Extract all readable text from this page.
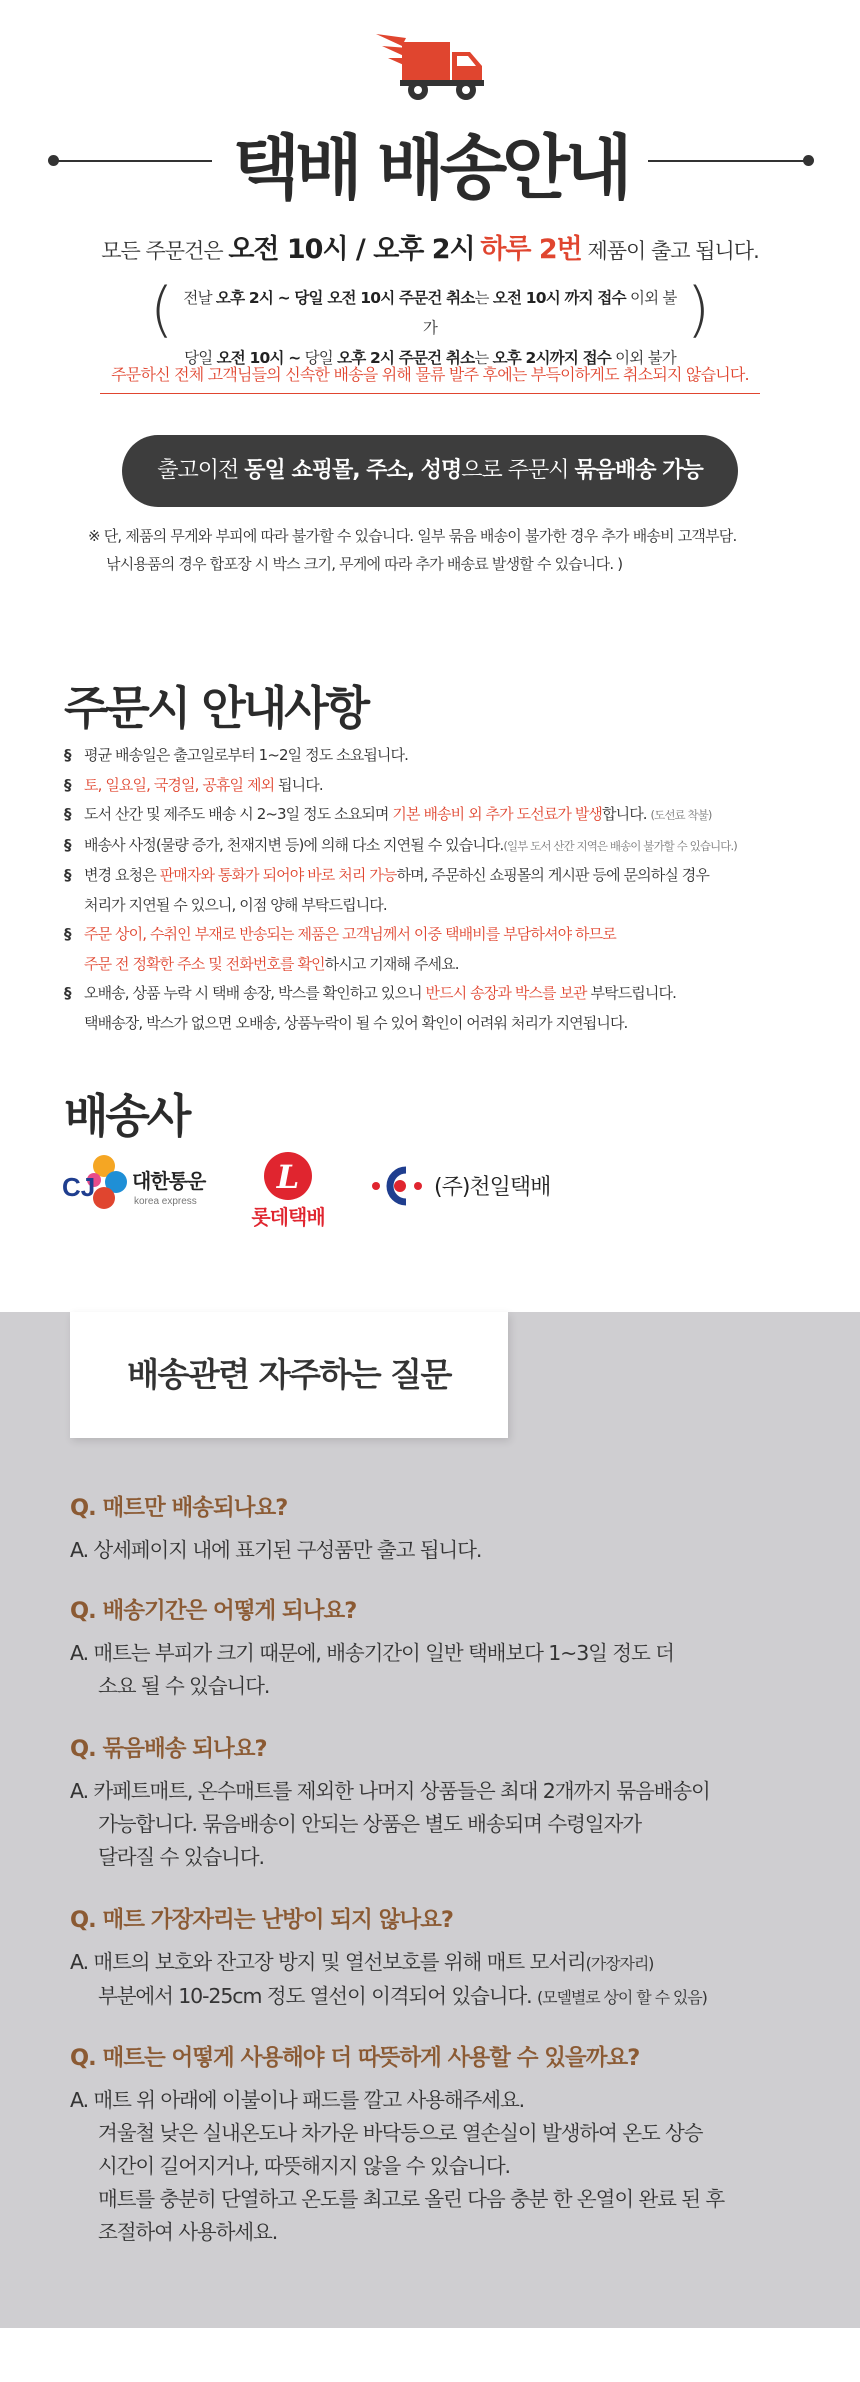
택배 배송안내
모든 주문건은 오전 10시 / 오후 2시 하루 2번 제품이 출고 됩니다.
(	)
전날 오후 2시 ~ 당일 오전 10시 주문건 취소는 오전 10시 까지 접수 이외 불가
당일 오전 10시 ~ 당일 오후 2시 주문건 취소는 오후 2시까지 접수 이외 불가
주문하신 전체 고객님들의 신속한 배송을 위해 물류 발주 후에는 부득이하게도 취소되지 않습니다.
출고이전 동일 쇼핑몰, 주소, 성명으로 주문시 묶음배송 가능
※ 단, 제품의 무게와 부피에 따라 불가할 수 있습니다. 일부 묶음 배송이 불가한 경우 추가 배송비 고객부담.
낚시용품의 경우 합포장 시 박스 크기, 무게에 따라 추가 배송료 발생할 수 있습니다. )
주문시 안내사항
§ 평균 배송일은 출고일로부터 1~2일 정도 소요됩니다.
§ 토, 일요일, 국경일, 공휴일 제외 됩니다.
§ 도서 산간 및 제주도 배송 시 2~3일 정도 소요되며 기본 배송비 외 추가 도선료가 발생합니다. (도선료 착불)
§ 배송사 사정(물량 증가, 천재지변 등)에 의해 다소 지연될 수 있습니다.(일부 도서 산간 지역은 배송이 불가할 수 있습니다.)
§ 변경 요청은 판매자와 통화가 되어야 바로 처리 가능하며, 주문하신 쇼핑몰의 게시판 등에 문의하실 경우
처리가 지연될 수 있으니, 이점 양해 부탁드립니다.
§ 주문 상이, 수취인 부재로 반송되는 제품은 고객님께서 이중 택배비를 부담하셔야 하므로
주문 전 정확한 주소 및 전화번호를 확인하시고 기재해 주세요.
§ 오배송, 상품 누락 시 택배 송장, 박스를 확인하고 있으니 반드시 송장과 박스를 보관 부탁드립니다.
택배송장, 박스가 없으면 오배송, 상품누락이 될 수 있어 확인이 어려워 처리가 지연됩니다.
배송사
CJ 대한통운
korea express
L
롯데택배
(주)천일택배
배송관련 자주하는 질문
Q. 매트만 배송되나요?
A. 상세페이지 내에 표기된 구성품만 출고 됩니다.
Q. 배송기간은 어떻게 되나요?
A. 매트는 부피가 크기 때문에, 배송기간이 일반 택배보다 1~3일 정도 더
소요 될 수 있습니다.
Q. 묶음배송 되나요?
A. 카페트매트, 온수매트를 제외한 나머지 상품들은 최대 2개까지 묶음배송이
가능합니다. 묶음배송이 안되는 상품은 별도 배송되며 수령일자가
달라질 수 있습니다.
Q. 매트 가장자리는 난방이 되지 않나요?
A. 매트의 보호와 잔고장 방지 및 열선보호를 위해 매트 모서리(가장자리)
부분에서 10-25cm 정도 열선이 이격되어 있습니다. (모델별로 상이 할 수 있음)
Q. 매트는 어떻게 사용해야 더 따뜻하게 사용할 수 있을까요?
A. 매트 위 아래에 이불이나 패드를 깔고 사용해주세요.
겨울철 낮은 실내온도나 차가운 바닥등으로 열손실이 발생하여 온도 상승
시간이 길어지거나, 따뜻해지지 않을 수 있습니다.
매트를 충분히 단열하고 온도를 최고로 올린 다음 충분 한 온열이 완료 된 후
조절하여 사용하세요.
